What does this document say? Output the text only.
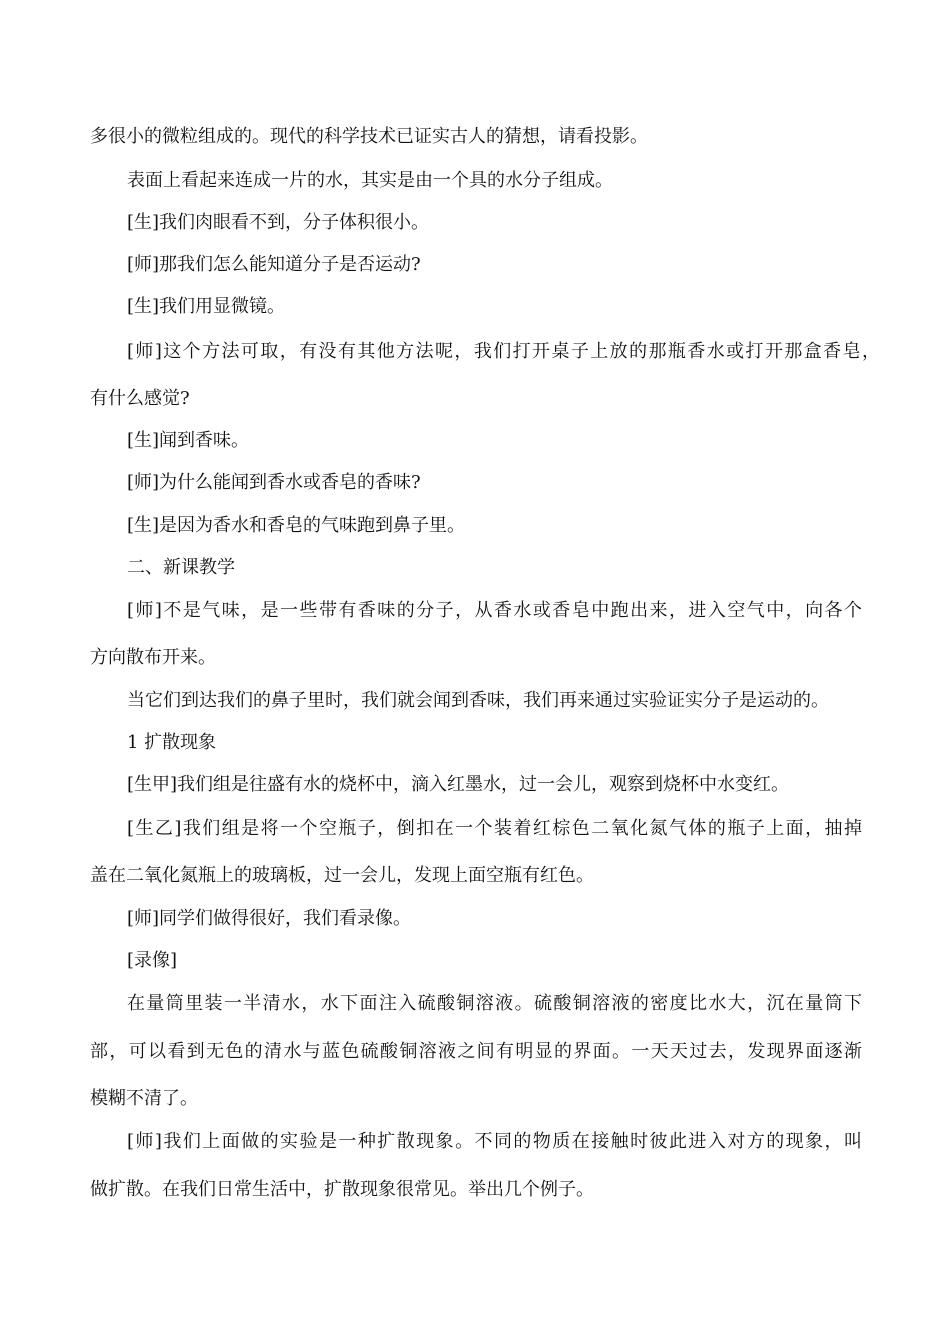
多很小的微粒组成的。现代的科学技术已证实古人的猜想，请看投影。
表面上看起来连成一片的水，其实是由一个具的水分子组成。
[生]我们肉眼看不到，分子体积很小。
[师]那我们怎么能知道分子是否运动?
[生]我们用显微镜。
[师]这个方法可取，有没有其他方法呢，我们打开桌子上放的那瓶香水或打开那盒香皂，
有什么感觉?
[生]闻到香味。
[师]为什么能闻到香水或香皂的香味?
[生]是因为香水和香皂的气味跑到鼻子里。
二、新课教学
[师]不是气味，是一些带有香味的分子，从香水或香皂中跑出来，进入空气中，向各个
方向散布开来。
当它们到达我们的鼻子里时，我们就会闻到香味，我们再来通过实验证实分子是运动的。
1 扩散现象
[生甲]我们组是往盛有水的烧杯中，滴入红墨水，过一会儿，观察到烧杯中水变红。
[生乙]我们组是将一个空瓶子，倒扣在一个装着红棕色二氧化氮气体的瓶子上面，抽掉
盖在二氧化氮瓶上的玻璃板，过一会儿，发现上面空瓶有红色。
[师]同学们做得很好，我们看录像。
[录像]
在量筒里装一半清水，水下面注入硫酸铜溶液。硫酸铜溶液的密度比水大，沉在量筒下
部，可以看到无色的清水与蓝色硫酸铜溶液之间有明显的界面。一天天过去，发现界面逐渐
模糊不清了。
[师]我们上面做的实验是一种扩散现象。不同的物质在接触时彼此进入对方的现象，叫
做扩散。在我们日常生活中，扩散现象很常见。举出几个例子。
